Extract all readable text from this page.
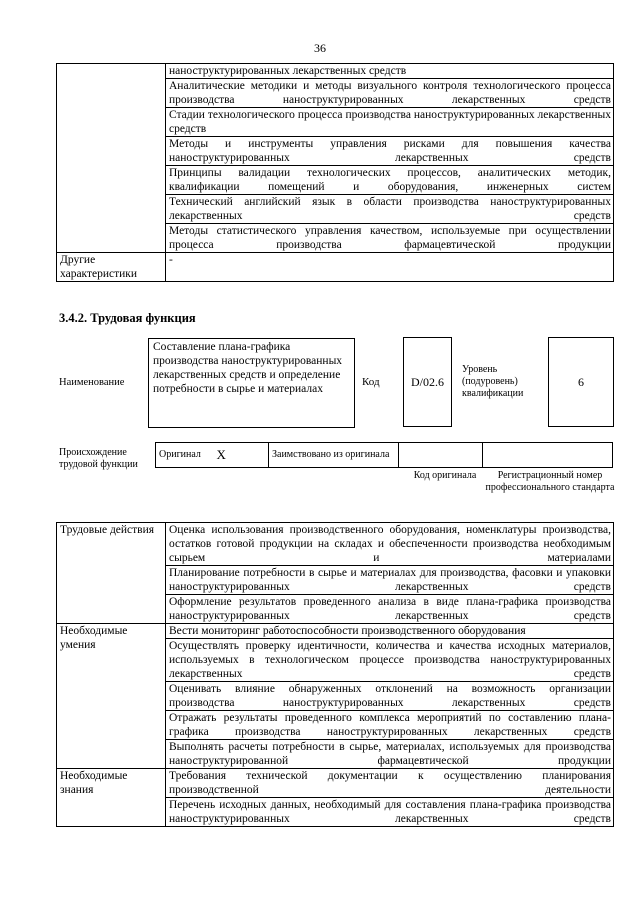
36
	наноструктурированных лекарственных средств
	Аналитические методики и методы визуального контроля технологического процесса производства наноструктурированных лекарственных средств
	Стадии технологического процесса производства наноструктурированных лекарственных средств
	Методы и инструменты управления рисками для повышения качества наноструктурированных лекарственных средств
	Принципы валидации технологических процессов, аналитических методик, квалификации помещений и оборудования, инженерных систем
	Технический английский язык в области производства наноструктурированных лекарственных средств
	Методы статистического управления качеством, используемые при осуществлении процесса производства фармацевтической продукции
Другие характеристики	-
3.4.2. Трудовая функция
Наименование
Составление плана-графика производства наноструктурированных лекарственных средств и определение потребности в сырье и материалах
Код	D/02.6
Уровень (подуровень) квалификации
6
Происхождение трудовой функции
Оригинал	X	Заимствовано из оригинала		
Код оригинала	Регистрационный номер профессионального стандарта
Трудовые действия	Оценка использования производственного оборудования, номенклатуры производства, остатков готовой продукции на складах и обеспеченности производства необходимым сырьем и материалами
	Планирование потребности в сырье и материалах для производства, фасовки и упаковки наноструктурированных лекарственных средств
	Оформление результатов проведенного анализа в виде плана-графика производства наноструктурированных лекарственных средств
Необходимые умения	Вести мониторинг работоспособности производственного оборудования
	Осуществлять проверку идентичности, количества и качества исходных материалов, используемых в технологическом процессе производства наноструктурированных лекарственных средств
	Оценивать влияние обнаруженных отклонений на возможность организации производства наноструктурированных лекарственных средств
	Отражать результаты проведенного комплекса мероприятий по составлению плана-графика производства наноструктурированных лекарственных средств
	Выполнять расчеты потребности в сырье, материалах, используемых для производства наноструктурированной фармацевтической продукции
Необходимые знания	Требования технической документации к осуществлению планирования производственной деятельности
	Перечень исходных данных, необходимый для составления плана-графика производства наноструктурированных лекарственных средств
